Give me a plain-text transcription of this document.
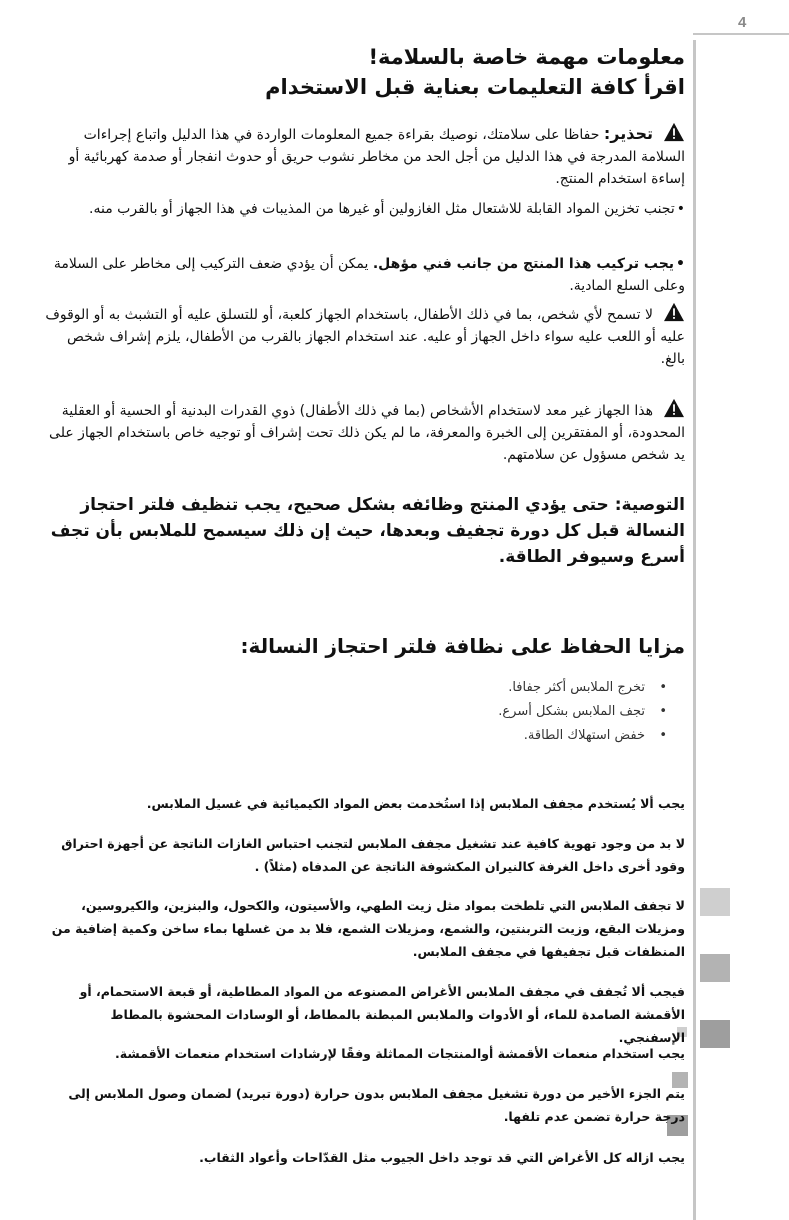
4
معلومات مهمة خاصة بالسلامة!
اقرأ كافة التعليمات بعناية قبل الاستخدام
تحذير: حفاظا على سلامتك، نوصيك بقراءة جميع المعلومات الواردة في هذا الدليل واتباع إجراءات السلامة المدرجة في هذا الدليل من أجل الحد من مخاطر نشوب حريق أو حدوث انفجار أو صدمة كهربائية أو إساءة استخدام المنتج.
• تجنب تخزين المواد القابلة للاشتعال مثل الغازولين أو غيرها من المذيبات في هذا الجهاز أو بالقرب منه.
• يجب تركيب هذا المنتج من جانب فني مؤهل. يمكن أن يؤدي ضعف التركيب إلى مخاطر على السلامة وعلى السلع المادية.
لا تسمح لأي شخص، بما في ذلك الأطفال، باستخدام الجهاز كلعبة، أو للتسلق عليه أو التشبث به أو الوقوف عليه أو اللعب عليه سواء داخل الجهاز أو عليه. عند استخدام الجهاز بالقرب من الأطفال، يلزم إشراف شخص بالغ.
هذا الجهاز غير معد لاستخدام الأشخاص (بما في ذلك الأطفال) ذوي القدرات البدنية أو الحسية أو العقلية المحدودة، أو المفتقرين إلى الخبرة والمعرفة، ما لم يكن ذلك تحت إشراف أو توجيه خاص باستخدام الجهاز على يد شخص مسؤول عن سلامتهم.
التوصية: حتى يؤدي المنتج وظائفه بشكل صحيح، يجب تنظيف فلتر احتجاز النسالة قبل كل دورة تجفيف وبعدها، حيث إن ذلك سيسمح للملابس بأن تجف أسرع وسيوفر الطاقة.
مزايا الحفاظ على نظافة فلتر احتجاز النسالة:
• تخرج الملابس أكثر جفافا.
• تجف الملابس بشكل أسرع.
• خفض استهلاك الطاقة.
يجب ألا يُستخدم مجفف الملابس إذا استُخدمت بعض المواد الكيميائية في غسيل الملابس.
لا بد من وجود تهوية كافية عند تشغيل مجفف الملابس لتجنب احتباس الغازات الناتجة عن أجهزة احتراق وقود أخرى داخل الغرفة كالنيران المكشوفة الناتجة عن المدفاه (مثلاً) .
لا تجفف الملابس التي تلطخت بمواد مثل زيت الطهي، والأسيتون، والكحول، والبنزين، والكيروسين، ومزيلات البقع، وزيت التربنتين، والشمع، ومزيلات الشمع، فلا بد من غسلها بماء ساخن وكمية إضافية من المنظفات قبل تجفيفها في مجفف الملابس.
فيجب ألا تُجفف في مجفف الملابس الأغراض المصنوعه من المواد المطاطية، أو قبعة الاستحمام، أو الأقمشة الصامدة للماء، أو الأدوات والملابس المبطنة بالمطاط، أو الوسادات المحشوة بالمطاط الإسفنجي.
يجب استخدام منعمات الأقمشة أوالمنتجات المماثلة وفقًا لإرشادات استخدام منعمات الأقمشة.
يتم الجزء الأخير من دورة تشغيل مجفف الملابس بدون حرارة (دورة تبريد) لضمان وصول الملابس إلى درجة حرارة تضمن عدم تلفها.
يجب ازاله كل الأغراض التي قد توجد داخل الجيوب مثل القدّاحات وأعواد الثقاب.
